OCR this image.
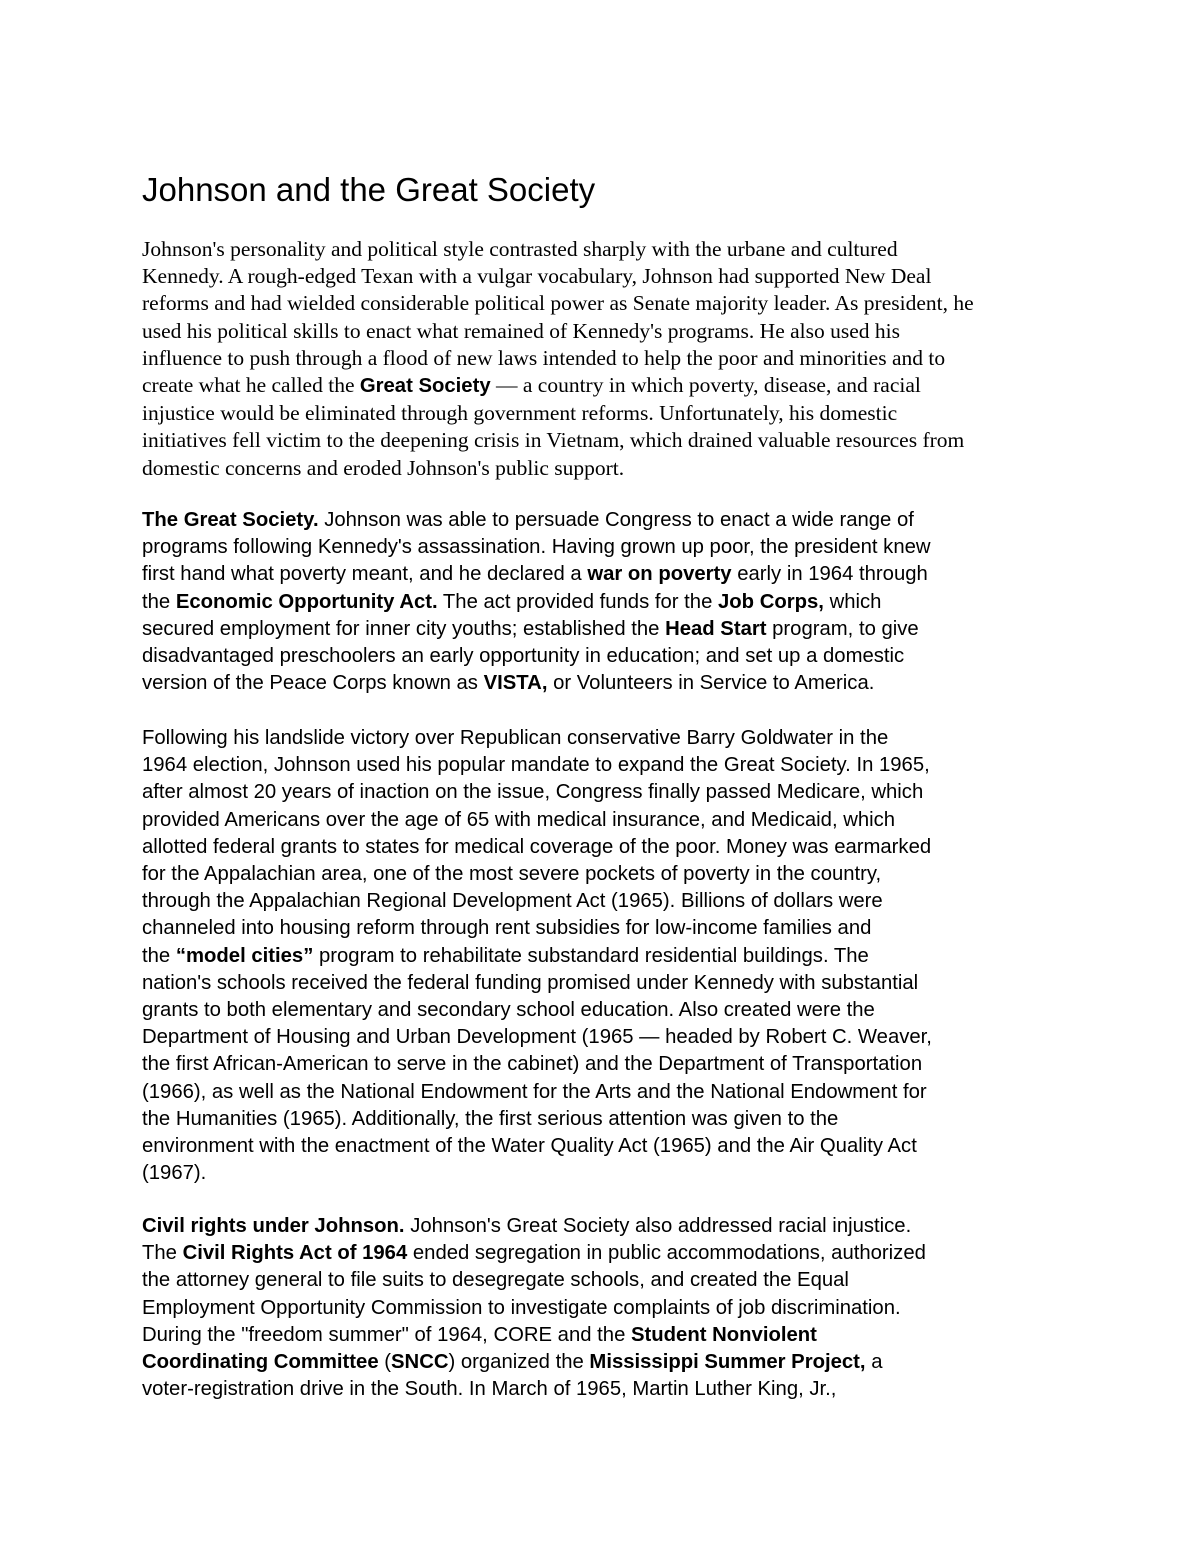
Johnson and the Great Society
Johnson's personality and political style contrasted sharply with the urbane and cultured
Kennedy. A rough-edged Texan with a vulgar vocabulary, Johnson had supported New Deal
reforms and had wielded considerable political power as Senate majority leader. As president, he
used his political skills to enact what remained of Kennedy's programs. He also used his
influence to push through a flood of new laws intended to help the poor and minorities and to
create what he called the Great Society — a country in which poverty, disease, and racial
injustice would be eliminated through government reforms. Unfortunately, his domestic
initiatives fell victim to the deepening crisis in Vietnam, which drained valuable resources from
domestic concerns and eroded Johnson's public support.
The Great Society. Johnson was able to persuade Congress to enact a wide range of
programs following Kennedy's assassination. Having grown up poor, the president knew
first hand what poverty meant, and he declared a war on poverty early in 1964 through
the Economic Opportunity Act. The act provided funds for the Job Corps, which
secured employment for inner city youths; established the Head Start program, to give
disadvantaged preschoolers an early opportunity in education; and set up a domestic
version of the Peace Corps known as VISTA, or Volunteers in Service to America.
Following his landslide victory over Republican conservative Barry Goldwater in the
1964 election, Johnson used his popular mandate to expand the Great Society. In 1965,
after almost 20 years of inaction on the issue, Congress finally passed Medicare, which
provided Americans over the age of 65 with medical insurance, and Medicaid, which
allotted federal grants to states for medical coverage of the poor. Money was earmarked
for the Appalachian area, one of the most severe pockets of poverty in the country,
through the Appalachian Regional Development Act (1965). Billions of dollars were
channeled into housing reform through rent subsidies for low-income families and
the “model cities” program to rehabilitate substandard residential buildings. The
nation's schools received the federal funding promised under Kennedy with substantial
grants to both elementary and secondary school education. Also created were the
Department of Housing and Urban Development (1965 — headed by Robert C. Weaver,
the first African-American to serve in the cabinet) and the Department of Transportation
(1966), as well as the National Endowment for the Arts and the National Endowment for
the Humanities (1965). Additionally, the first serious attention was given to the
environment with the enactment of the Water Quality Act (1965) and the Air Quality Act
(1967).
Civil rights under Johnson. Johnson's Great Society also addressed racial injustice.
The Civil Rights Act of 1964 ended segregation in public accommodations, authorized
the attorney general to file suits to desegregate schools, and created the Equal
Employment Opportunity Commission to investigate complaints of job discrimination.
During the "freedom summer" of 1964, CORE and the Student Nonviolent
Coordinating Committee (SNCC) organized the Mississippi Summer Project, a
voter-registration drive in the South. In March of 1965, Martin Luther King, Jr.,
